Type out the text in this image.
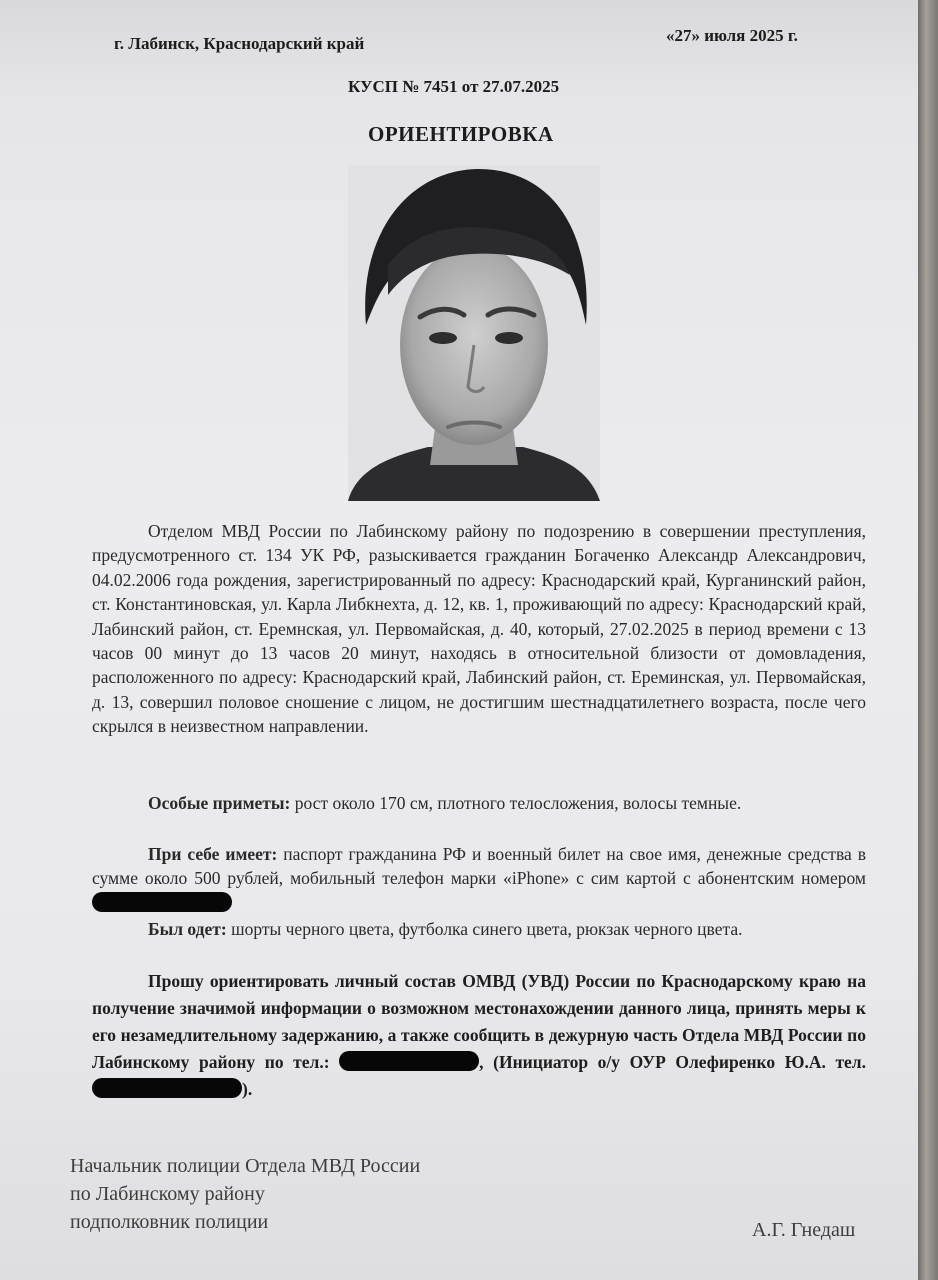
г. Лабинск, Краснодарский край	«27» июля 2025 г.
КУСП № 7451 от 27.07.2025
ОРИЕНТИРОВКА

Отделом МВД России по Лабинскому району по подозрению в совершении преступления, предусмотренного ст. 134 УК РФ, разыскивается гражданин Богаченко Александр Александрович, 04.02.2006 года рождения, зарегистрированный по адресу: Краснодарский край, Курганинский район, ст. Константиновская, ул. Карла Либкнехта, д. 12, кв. 1, проживающий по адресу: Краснодарский край, Лабинский район, ст. Еремнская, ул. Первомайская, д. 40, который, 27.02.2025 в период времени с 13 часов 00 минут до 13 часов 20 минут, находясь в относительной близости от домовладения, расположенного по адресу: Краснодарский край, Лабинский район, ст. Ереминская, ул. Первомайская, д. 13, совершил половое сношение с лицом, не достигшим шестнадцатилетнего возраста, после чего скрылся в неизвестном направлении.

Особые приметы: рост около 170 см, плотного телосложения, волосы темные.

При себе имеет: паспорт гражданина РФ и военный билет на свое имя, денежные средства в сумме около 500 рублей, мобильный телефон марки «iPhone» с сим картой с абонентским номером

Был одет: шорты черного цвета, футболка синего цвета, рюкзак черного цвета.

Прошу ориентировать личный состав ОМВД (УВД) России по Краснодарскому краю на получение значимой информации о возможном местонахождении данного лица, принять меры к его незамедлительному задержанию, а также сообщить в дежурную часть Отдела МВД России по Лабинскому району по тел.:	, (Инициатор о/у ОУР Олефиренко Ю.А. тел. ).

Начальник полиции Отдела МВД России
по Лабинскому району
подполковник полиции	А.Г. Гнедаш
